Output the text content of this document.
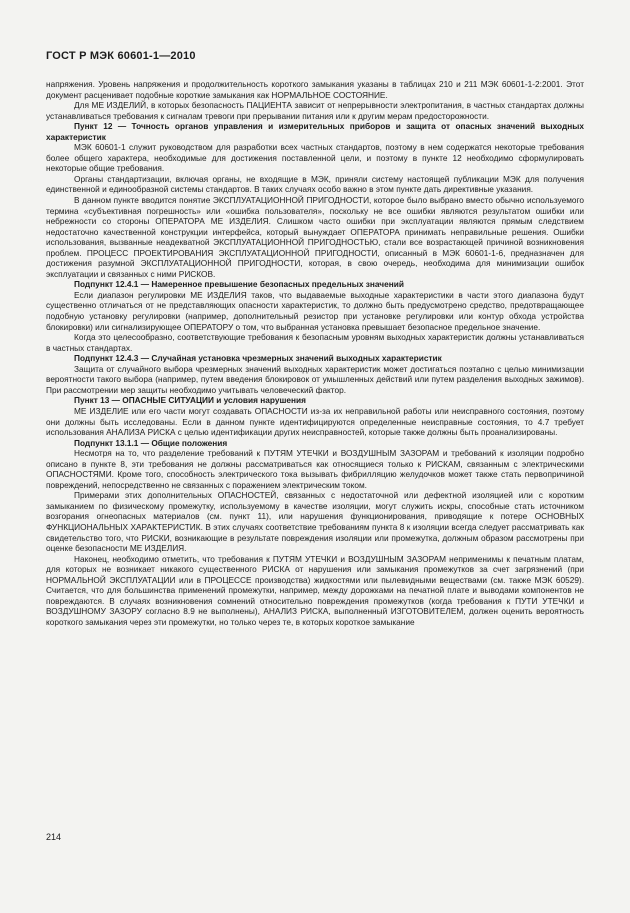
ГОСТ Р МЭК 60601-1—2010

напряжения. Уровень напряжения и продолжительность короткого замыкания указаны в таблицах 210 и 211 МЭК 60601-1-2:2001. Этот документ расценивает подобные короткие замыкания как НОРМАЛЬНОЕ СОСТОЯНИЕ.

Для МЕ ИЗДЕЛИЙ, в которых безопасность ПАЦИЕНТА зависит от непрерывности электропитания, в частных стандартах должны устанавливаться требования к сигналам тревоги при прерывании питания или к другим мерам предосторожности.

Пункт 12 — Точность органов управления и измерительных приборов и защита от опасных значений выходных характеристик

МЭК 60601-1 служит руководством для разработки всех частных стандартов, поэтому в нем содержатся некоторые требования более общего характера, необходимые для достижения поставленной цели, и поэтому в пункте 12 необходимо сформулировать некоторые общие требования.

Органы стандартизации, включая органы, не входящие в МЭК, приняли систему настоящей публикации МЭК для получения единственной и единообразной системы стандартов. В таких случаях особо важно в этом пункте дать директивные указания.

В данном пункте вводится понятие ЭКСПЛУАТАЦИОННОЙ ПРИГОДНОСТИ, которое было выбрано вместо обычно используемого термина «субъективная погрешность» или «ошибка пользователя», поскольку не все ошибки являются результатом ошибки или небрежности со стороны ОПЕРАТОРА МЕ ИЗДЕЛИЯ. Слишком часто ошибки при эксплуатации являются прямым следствием недостаточно качественной конструкции интерфейса, который вынуждает ОПЕРАТОРА принимать неправильные решения. Ошибки использования, вызванные неадекватной ЭКСПЛУАТАЦИОННОЙ ПРИГОДНОСТЬЮ, стали все возрастающей причиной возникновения проблем. ПРОЦЕСС ПРОЕКТИРОВАНИЯ ЭКСПЛУАТАЦИОННОЙ ПРИГОДНОСТИ, описанный в МЭК 60601-1-6, предназначен для достижения разумной ЭКСПЛУАТАЦИОННОЙ ПРИГОДНОСТИ, которая, в свою очередь, необходима для минимизации ошибок эксплуатации и связанных с ними РИСКОВ.

Подпункт 12.4.1 — Намеренное превышение безопасных предельных значений

Если диапазон регулировки МЕ ИЗДЕЛИЯ таков, что выдаваемые выходные характеристики в части этого диапазона будут существенно отличаться от не представляющих опасности характеристик, то должно быть предусмотрено средство, предотвращающее подобную установку регулировки (например, дополнительный резистор при установке регулировки или контур обхода устройства блокировки) или сигнализирующее ОПЕРАТОРУ о том, что выбранная установка превышает безопасное предельное значение.

Когда это целесообразно, соответствующие требования к безопасным уровням выходных характеристик должны устанавливаться в частных стандартах.

Подпункт 12.4.3 — Случайная установка чрезмерных значений выходных характеристик

Защита от случайного выбора чрезмерных значений выходных характеристик может достигаться поэтапно с целью минимизации вероятности такого выбора (например, путем введения блокировок от умышленных действий или путем разделения выходных зажимов). При рассмотрении мер защиты необходимо учитывать человеческий фактор.

Пункт 13 — ОПАСНЫЕ СИТУАЦИИ и условия нарушения

МЕ ИЗДЕЛИЕ или его части могут создавать ОПАСНОСТИ из-за их неправильной работы или неисправного состояния, поэтому они должны быть исследованы. Если в данном пункте идентифицируются определенные неисправные состояния, то 4.7 требует использования АНАЛИЗА РИСКА с целью идентификации других неисправностей, которые также должны быть проанализированы.

Подпункт 13.1.1 — Общие положения

Несмотря на то, что разделение требований к ПУТЯМ УТЕЧКИ и ВОЗДУШНЫМ ЗАЗОРАМ и требований к изоляции подробно описано в пункте 8, эти требования не должны рассматриваться как относящиеся только к РИСКАМ, связанным с электрическими ОПАСНОСТЯМИ. Кроме того, способность электрического тока вызывать фибрилляцию желудочков может также стать первопричиной повреждений, непосредственно не связанных с поражением электрическим током.

Примерами этих дополнительных ОПАСНОСТЕЙ, связанных с недостаточной или дефектной изоляцией или с коротким замыканием по физическому промежутку, используемому в качестве изоляции, могут служить искры, способные стать источником возгорания огнеопасных материалов (см. пункт 11), или нарушения функционирования, приводящие к потере ОСНОВНЫХ ФУНКЦИОНАЛЬНЫХ ХАРАКТЕРИСТИК. В этих случаях соответствие требованиям пункта 8 к изоляции всегда следует рассматривать как свидетельство того, что РИСКИ, возникающие в результате повреждения изоляции или промежутка, должным образом рассмотрены при оценке безопасности МЕ ИЗДЕЛИЯ.

Наконец, необходимо отметить, что требования к ПУТЯМ УТЕЧКИ и ВОЗДУШНЫМ ЗАЗОРАМ неприменимы к печатным платам, для которых не возникает никакого существенного РИСКА от нарушения или замыкания промежутков за счет загрязнений (при НОРМАЛЬНОЙ ЭКСПЛУАТАЦИИ или в ПРОЦЕССЕ производства) жидкостями или пылевидными веществами (см. также МЭК 60529). Считается, что для большинства применений промежутки, например, между дорожками на печатной плате и выводами компонентов не повреждаются. В случаях возникновения сомнений относительно повреждения промежутков (когда требования к ПУТИ УТЕЧКИ и ВОЗДУШНОМУ ЗАЗОРУ согласно 8.9 не выполнены), АНАЛИЗ РИСКА, выполненный ИЗГОТОВИТЕЛЕМ, должен оценить вероятность короткого замыкания через эти промежутки, но только через те, в которых короткое замыкание

214
